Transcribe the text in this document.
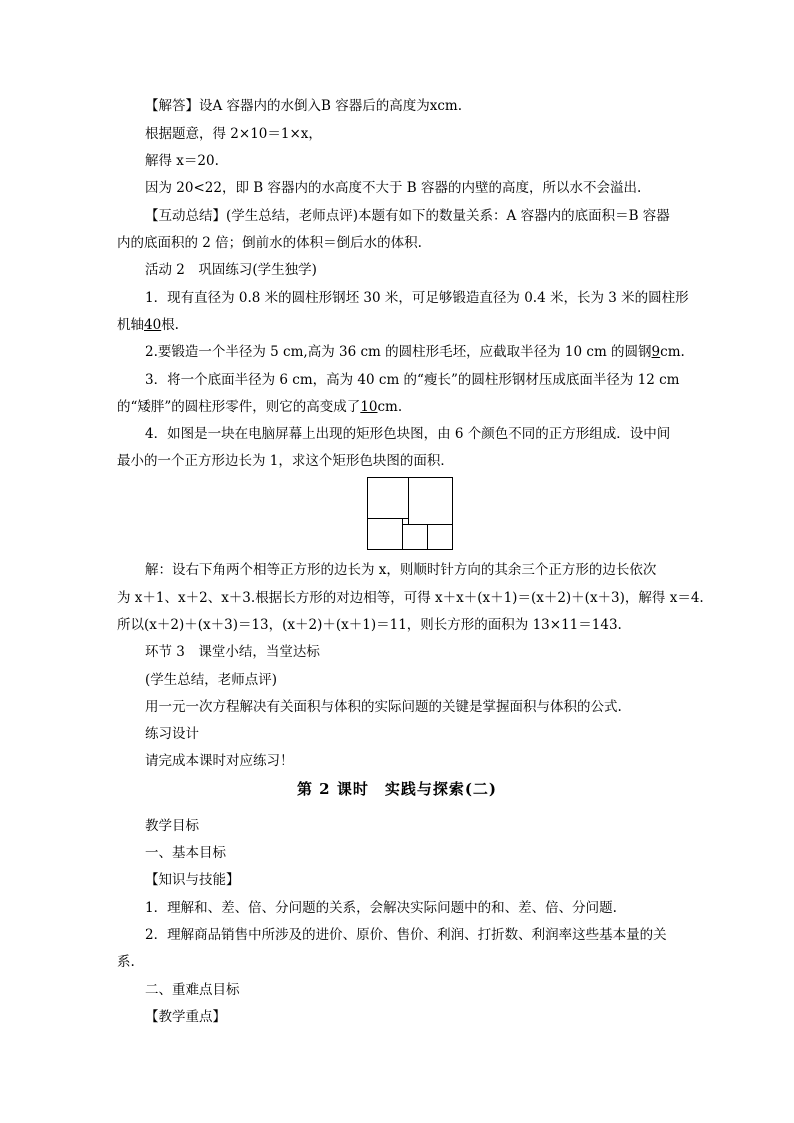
【解答】设A 容器内的水倒入B 容器后的高度为xcm.
根据题意，得 2×10＝1×x，
解得 x＝20.
因为 20<22，即 B 容器内的水高度不大于 B 容器的内壁的高度，所以水不会溢出.
【互动总结】(学生总结，老师点评)本题有如下的数量关系：A 容器内的底面积＝B 容器
内的底面积的 2 倍；倒前水的体积＝倒后水的体积.
活动 2　巩固练习(学生独学)
1．现有直径为 0.8 米的圆柱形钢坯 30 米，可足够锻造直径为 0.4 米，长为 3 米的圆柱形
机轴40根.
2.要锻造一个半径为 5 cm,高为 36 cm 的圆柱形毛坯，应截取半径为 10 cm 的圆钢9cm.
3．将一个底面半径为 6 cm，高为 40 cm 的“瘦长”的圆柱形钢材压成底面半径为 12 cm
的“矮胖”的圆柱形零件，则它的高变成了10cm.
4．如图是一块在电脑屏幕上出现的矩形色块图，由 6 个颜色不同的正方形组成．设中间
最小的一个正方形边长为 1，求这个矩形色块图的面积．
解：设右下角两个相等正方形的边长为 x，则顺时针方向的其余三个正方形的边长依次
为 x＋1、x＋2、x＋3.根据长方形的对边相等，可得 x＋x＋(x＋1)＝(x＋2)＋(x＋3)，解得 x＝4.
所以(x＋2)＋(x＋3)＝13，(x＋2)＋(x＋1)＝11，则长方形的面积为 13×11＝143.
环节 3　课堂小结，当堂达标
(学生总结，老师点评)
用一元一次方程解决有关面积与体积的实际问题的关键是掌握面积与体积的公式.
练习设计
请完成本课时对应练习！
第 2 课时　实践与探索(二)
教学目标
一、基本目标
【知识与技能】
1．理解和、差、倍、分问题的关系，会解决实际问题中的和、差、倍、分问题.
2．理解商品销售中所涉及的进价、原价、售价、利润、打折数、利润率这些基本量的关
系.
二、重难点目标
【教学重点】
